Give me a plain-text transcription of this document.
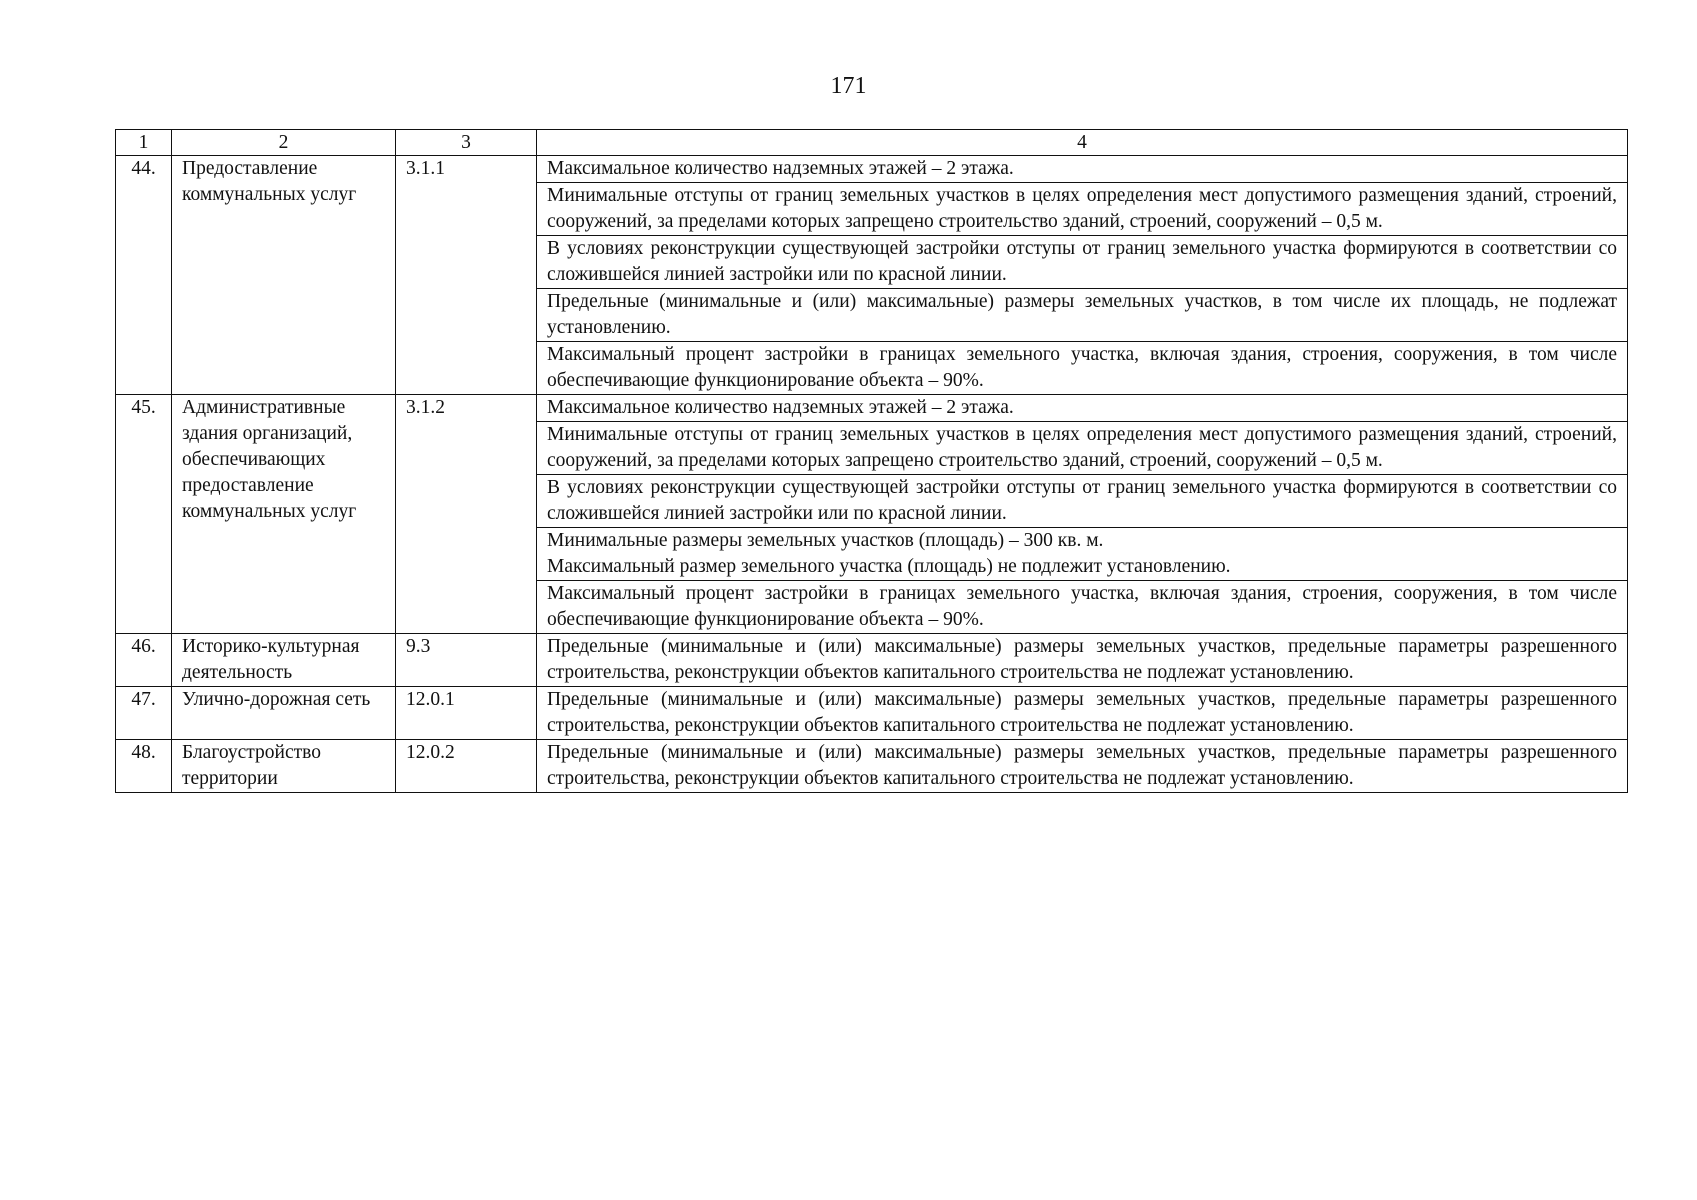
171
1	2	3	4
44.	Предоставление коммунальных услуг	3.1.1	Максимальное количество надземных этажей – 2 этажа.
			Минимальные отступы от границ земельных участков в целях определения мест допустимого размещения зданий, строений, сооружений, за пределами которых запрещено строительство зданий, строений, сооружений – 0,5 м.
			В условиях реконструкции существующей застройки отступы от границ земельного участка формируются в соответствии со сложившейся линией застройки или по красной линии.
			Предельные (минимальные и (или) максимальные) размеры земельных участков, в том числе их площадь, не подлежат установлению.
			Максимальный процент застройки в границах земельного участка, включая здания, строения, сооружения, в том числе обеспечивающие функционирование объекта – 90%.
45.	Административные здания организаций, обеспечивающих предоставление коммунальных услуг	3.1.2	Максимальное количество надземных этажей – 2 этажа.
			Минимальные отступы от границ земельных участков в целях определения мест допустимого размещения зданий, строений, сооружений, за пределами которых запрещено строительство зданий, строений, сооружений – 0,5 м.
			В условиях реконструкции существующей застройки отступы от границ земельного участка формируются в соответствии со сложившейся линией застройки или по красной линии.

			Минимальные размеры земельных участков (площадь) – 300 кв. м.
Максимальный размер земельного участка (площадь) не подлежит установлению.

			Максимальный процент застройки в границах земельного участка, включая здания, строения, сооружения, в том числе обеспечивающие функционирование объекта – 90%.
46.	Историко-культурная деятельность	9.3	Предельные (минимальные и (или) максимальные) размеры земельных участков, предельные параметры разрешенного строительства, реконструкции объектов капитального строительства не подлежат установлению.
47.	Улично-дорожная сеть	12.0.1	Предельные (минимальные и (или) максимальные) размеры земельных участков, предельные параметры разрешенного строительства, реконструкции объектов капитального строительства не подлежат установлению.
48.	Благоустройство территории	12.0.2	Предельные (минимальные и (или) максимальные) размеры земельных участков, предельные параметры разрешенного строительства, реконструкции объектов капитального строительства не подлежат установлению.
